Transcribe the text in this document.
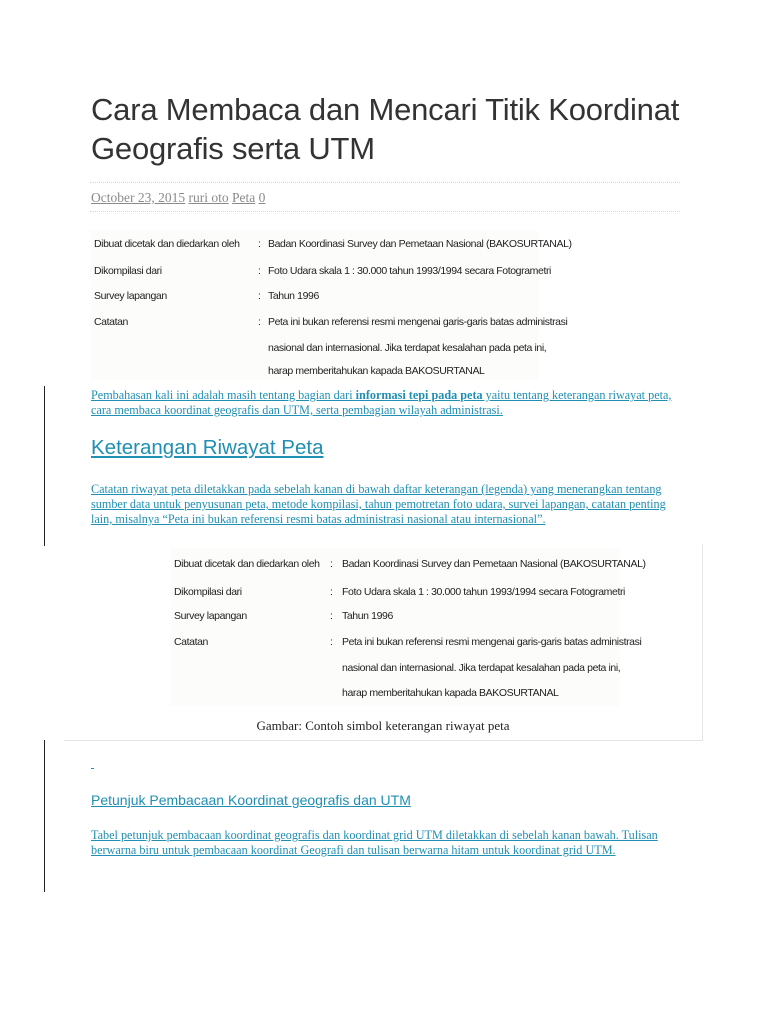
Cara Membaca dan Mencari Titik Koordinat Geografis serta UTM
October 23, 2015 ruri oto Peta 0
Dibuat dicetak dan diedarkan oleh : Badan Koordinasi Survey dan Pemetaan Nasional (BAKOSURTANAL)
Dikompilasi dari	: Foto Udara skala 1 : 30.000 tahun 1993/1994 secara Fotogrametri
Survey lapangan	: Tahun 1996
Catatan	: Peta ini bukan referensi resmi mengenai garis-garis batas administrasi
nasional dan internasional. Jika terdapat kesalahan pada peta ini,
harap memberitahukan kapada BAKOSURTANAL
Pembahasan kali ini adalah masih tentang bagian dari informasi tepi pada peta yaitu tentang keterangan riwayat peta, cara membaca koordinat geografis dan UTM, serta pembagian wilayah administrasi.
Keterangan Riwayat Peta
Catatan riwayat peta diletakkan pada sebelah kanan di bawah daftar keterangan (legenda) yang menerangkan tentang sumber data untuk penyusunan peta, metode kompilasi, tahun pemotretan foto udara, survei lapangan, catatan penting lain, misalnya “Peta ini bukan referensi resmi batas administrasi nasional atau internasional”.
Dibuat dicetak dan diedarkan oleh : Badan Koordinasi Survey dan Pemetaan Nasional (BAKOSURTANAL)
Dikompilasi dari	: Foto Udara skala 1 : 30.000 tahun 1993/1994 secara Fotogrametri
Survey lapangan	: Tahun 1996
Catatan	: Peta ini bukan referensi resmi mengenai garis-garis batas administrasi
nasional dan internasional. Jika terdapat kesalahan pada peta ini,
harap memberitahukan kapada BAKOSURTANAL
Gambar: Contoh simbol keterangan riwayat peta
Petunjuk Pembacaan Koordinat geografis dan UTM
Tabel petunjuk pembacaan koordinat geografis dan koordinat grid UTM diletakkan di sebelah kanan bawah. Tulisan berwarna biru untuk pembacaan koordinat Geografi dan tulisan berwarna hitam untuk koordinat grid UTM.
